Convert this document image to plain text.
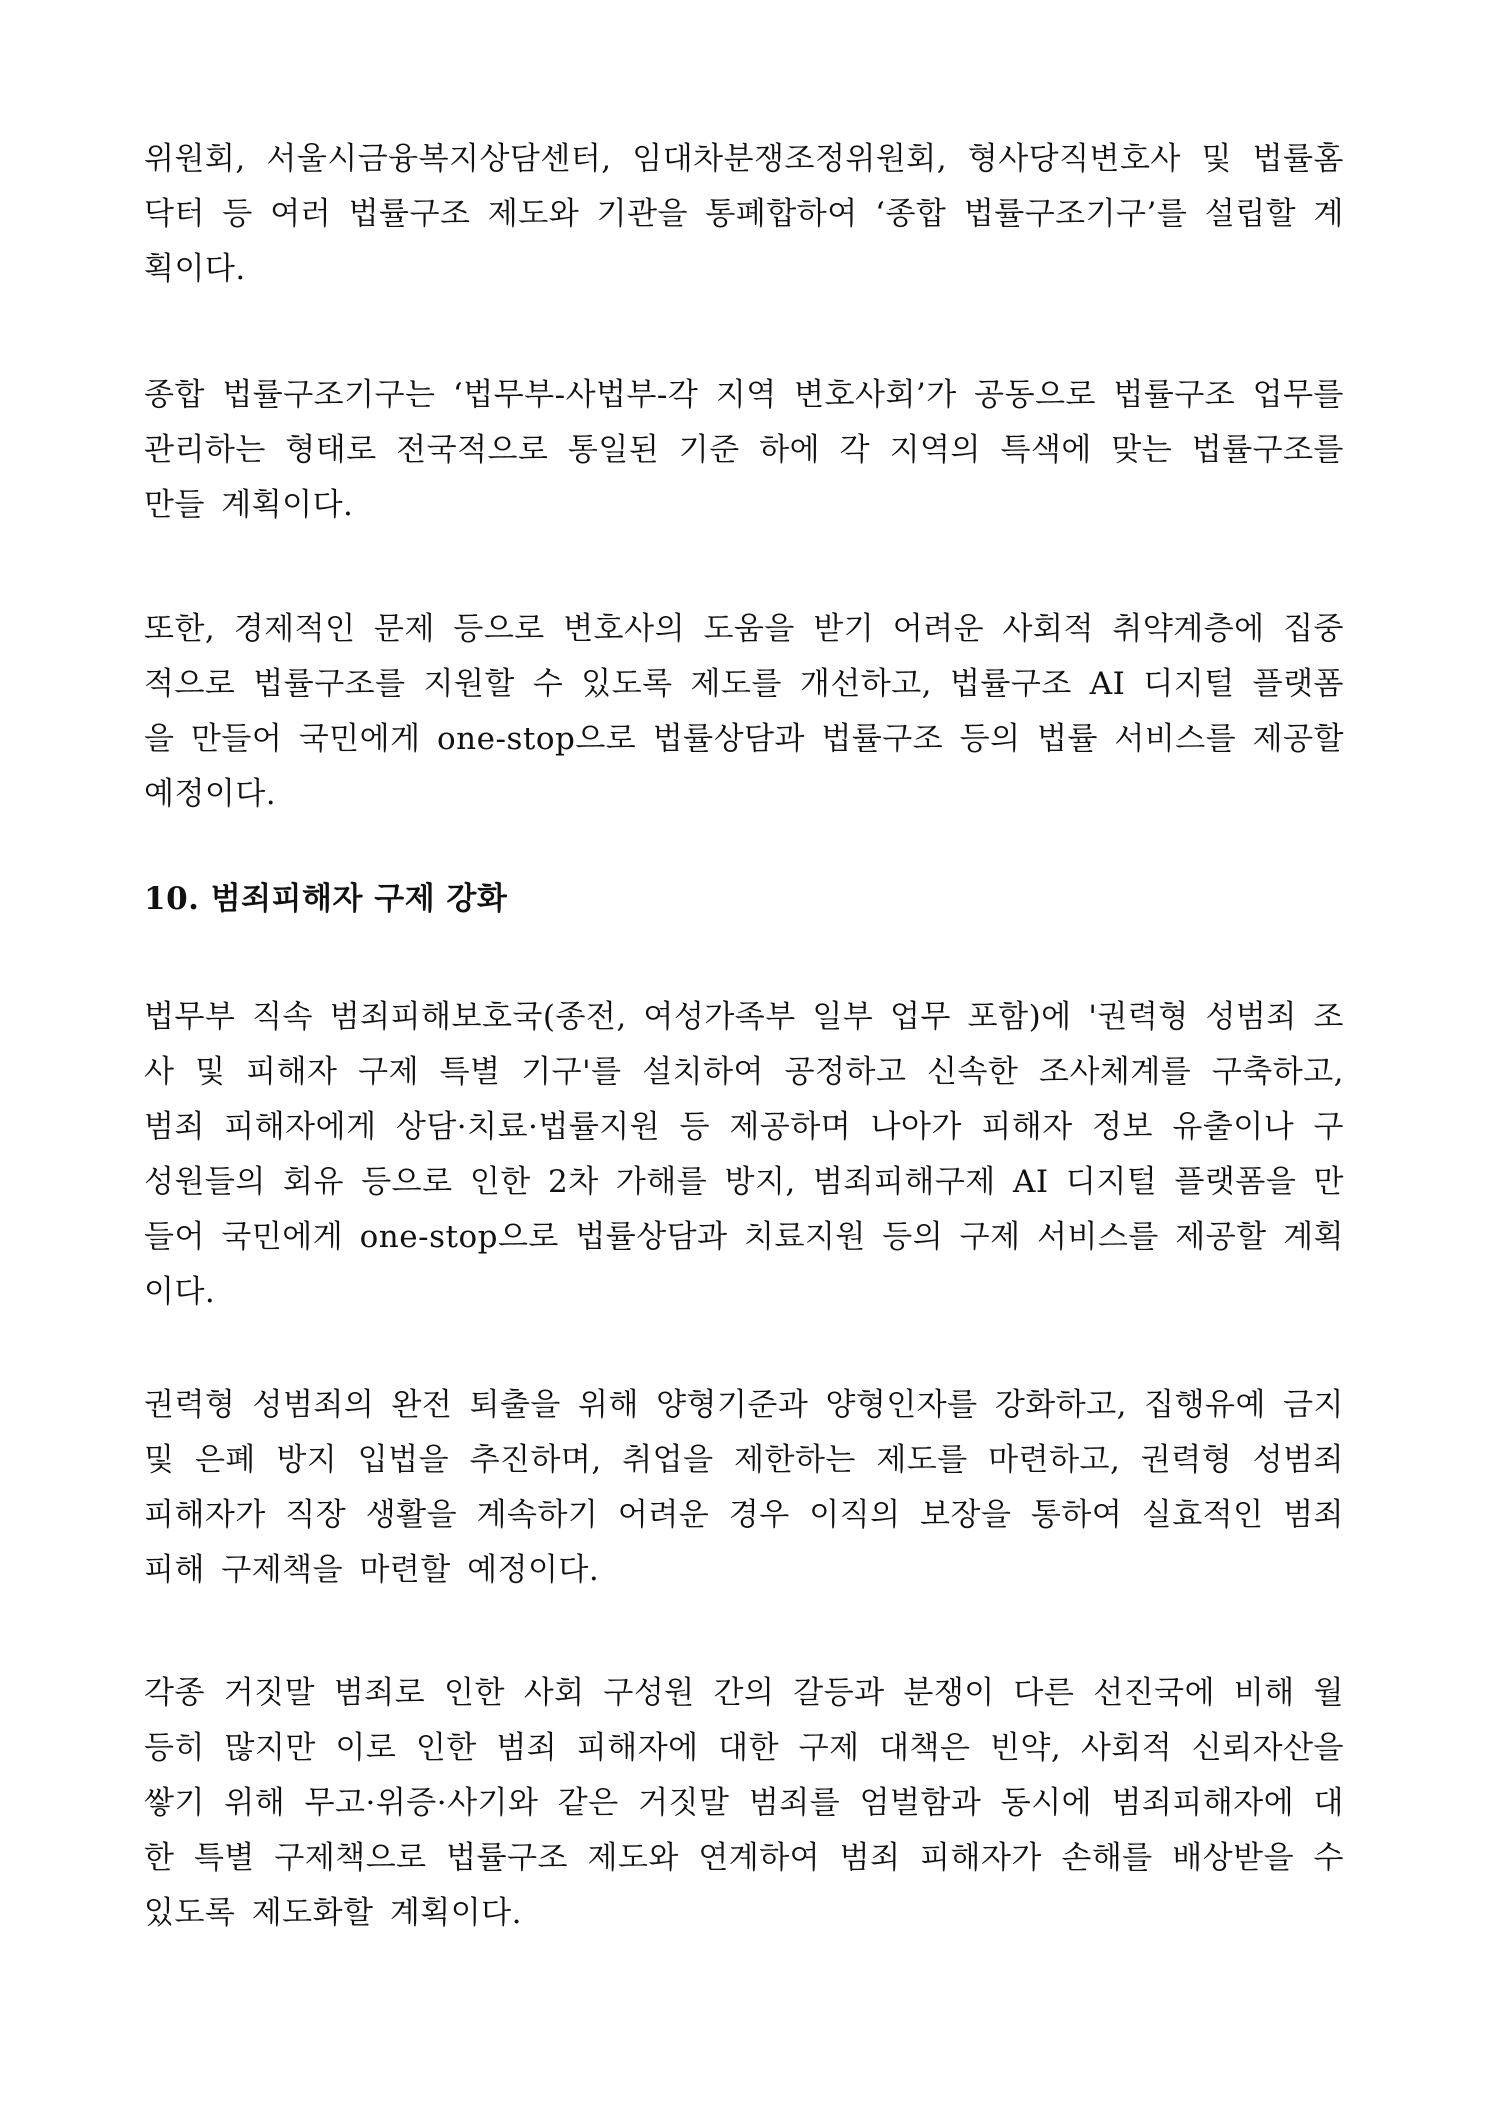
위원회, 서울시금융복지상담센터, 임대차분쟁조정위원회, 형사당직변호사 및 법률홈닥터 등 여러 법률구조 제도와 기관을 통폐합하여 ‘종합 법률구조기구’를 설립할 계획이다.

종합 법률구조기구는 ‘법무부-사법부-각 지역 변호사회’가 공동으로 법률구조 업무를 관리하는 형태로 전국적으로 통일된 기준 하에 각 지역의 특색에 맞는 법률구조를 만들 계획이다.

또한, 경제적인 문제 등으로 변호사의 도움을 받기 어려운 사회적 취약계층에 집중적으로 법률구조를 지원할 수 있도록 제도를 개선하고, 법률구조 AI 디지털 플랫폼을 만들어 국민에게 one-stop으로 법률상담과 법률구조 등의 법률 서비스를 제공할 예정이다.

10. 범죄피해자 구제 강화

법무부 직속 범죄피해보호국(종전, 여성가족부 일부 업무 포함)에 '권력형 성범죄 조사 및 피해자 구제 특별 기구'를 설치하여 공정하고 신속한 조사체계를 구축하고, 범죄 피해자에게 상담·치료·법률지원 등 제공하며 나아가 피해자 정보 유출이나 구성원들의 회유 등으로 인한 2차 가해를 방지, 범죄피해구제 AI 디지털 플랫폼을 만들어 국민에게 one-stop으로 법률상담과 치료지원 등의 구제 서비스를 제공할 계획이다.

권력형 성범죄의 완전 퇴출을 위해 양형기준과 양형인자를 강화하고, 집행유예 금지 및 은폐 방지 입법을 추진하며, 취업을 제한하는 제도를 마련하고, 권력형 성범죄 피해자가 직장 생활을 계속하기 어려운 경우 이직의 보장을 통하여 실효적인 범죄 피해 구제책을 마련할 예정이다.

각종 거짓말 범죄로 인한 사회 구성원 간의 갈등과 분쟁이 다른 선진국에 비해 월등히 많지만 이로 인한 범죄 피해자에 대한 구제 대책은 빈약, 사회적 신뢰자산을 쌓기 위해 무고·위증·사기와 같은 거짓말 범죄를 엄벌함과 동시에 범죄피해자에 대한 특별 구제책으로 법률구조 제도와 연계하여 범죄 피해자가 손해를 배상받을 수 있도록 제도화할 계획이다.
